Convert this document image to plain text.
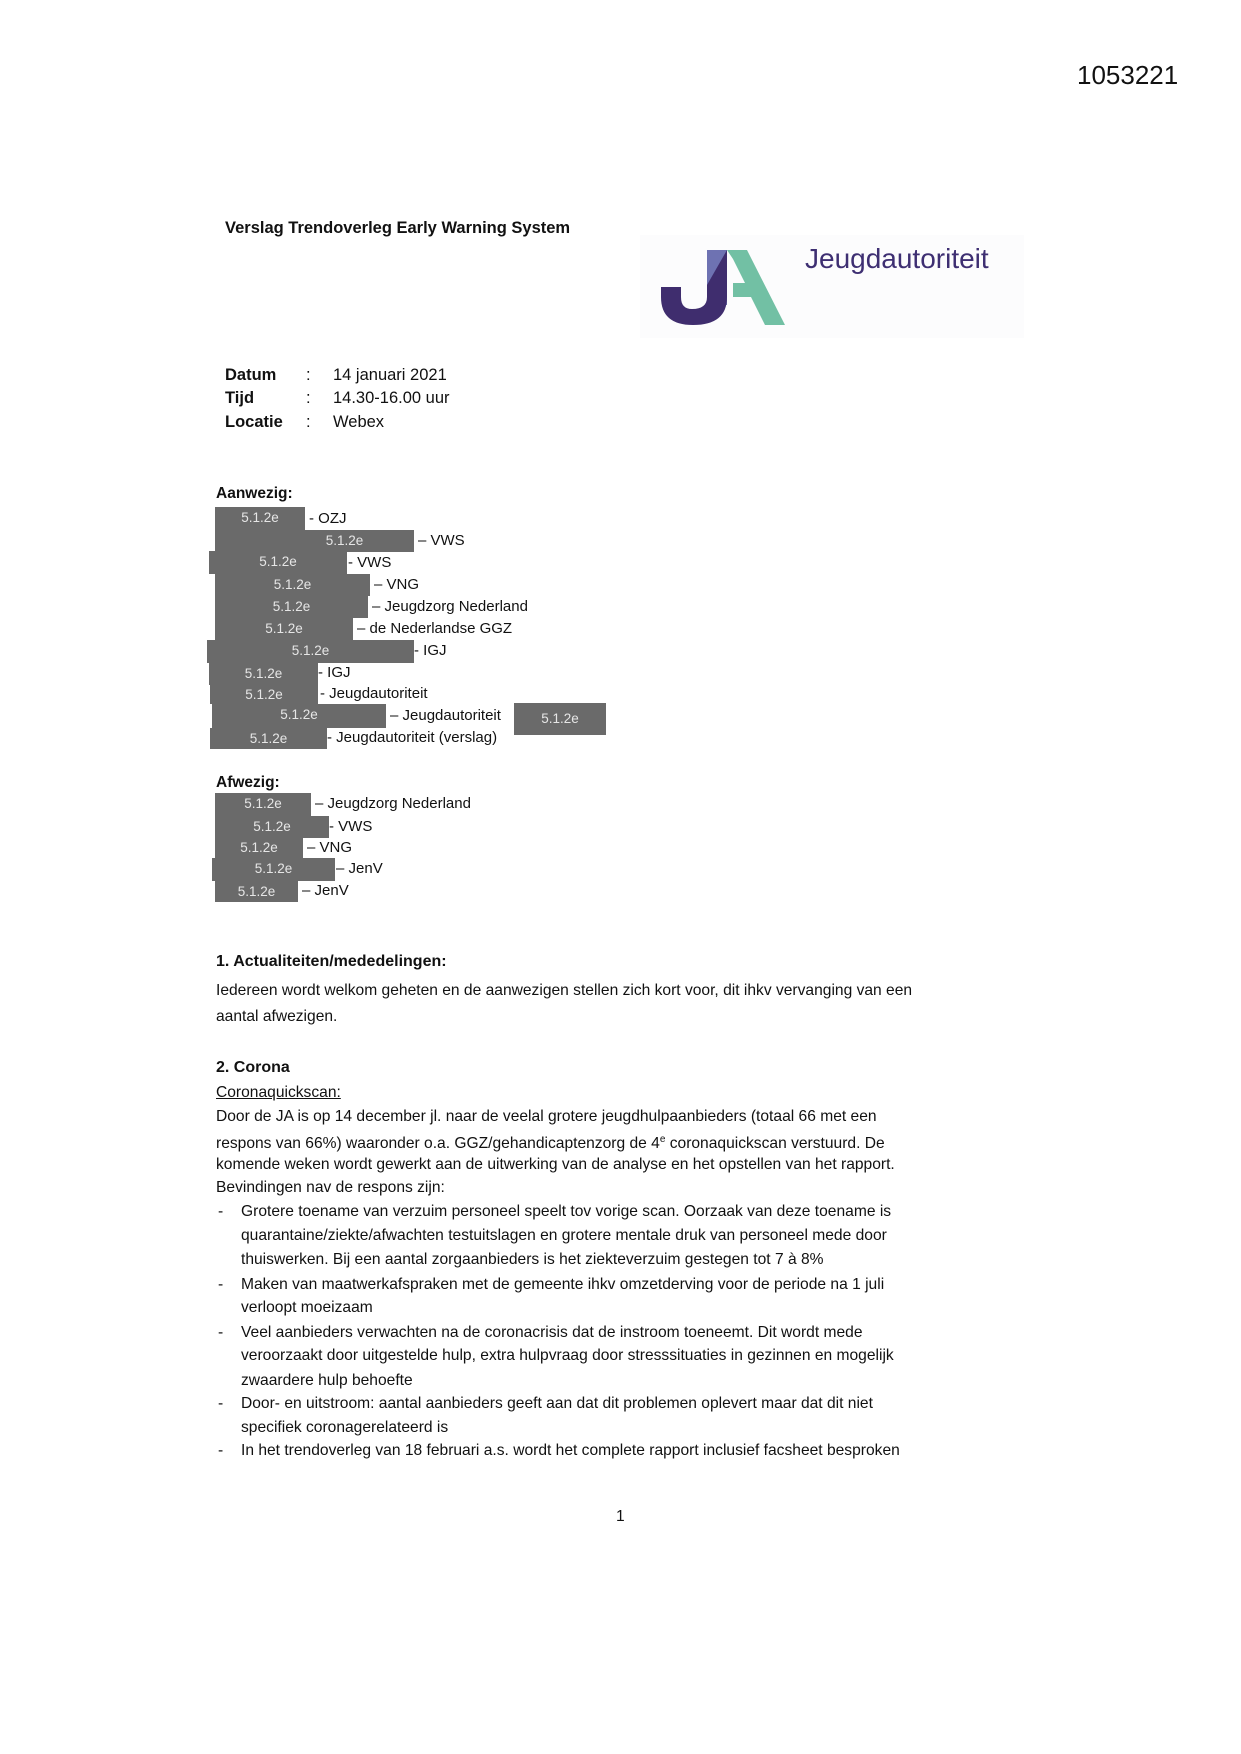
1053221
Verslag Trendoverleg Early Warning System
Jeugdautoriteit
Datum : 14 januari 2021
Tijd	: 14.30-16.00 uur
Locatie : Webex
Aanwezig:
5.1.2e	- OZJ
5.1.2e	– VWS
5.1.2e	- VWS
5.1.2e	– VNG
5.1.2e	– Jeugdzorg Nederland
5.1.2e	– de Nederlandse GGZ
5.1.2e	- IGJ
5.1.2e	- IGJ
5.1.2e	- Jeugdautoriteit
5.1.2e	– Jeugdautoriteit	5.1.2e
5.1.2e	- Jeugdautoriteit (verslag)
Afwezig:
5.1.2e	– Jeugdzorg Nederland
5.1.2e	- VWS
5.1.2e	– VNG
5.1.2e	– JenV
5.1.2e	– JenV
1. Actualiteiten/mededelingen:
Iedereen wordt welkom geheten en de aanwezigen stellen zich kort voor, dit ihkv vervanging van een
aantal afwezigen.
2. Corona
Coronaquickscan:
Door de JA is op 14 december jl. naar de veelal grotere jeugdhulpaanbieders (totaal 66 met een
respons van 66%) waaronder o.a. GGZ/gehandicaptenzorg de 4e coronaquickscan verstuurd. De
komende weken wordt gewerkt aan de uitwerking van de analyse en het opstellen van het rapport.
Bevindingen nav de respons zijn:
- Grotere toename van verzuim personeel speelt tov vorige scan. Oorzaak van deze toename is
quarantaine/ziekte/afwachten testuitslagen en grotere mentale druk van personeel mede door
thuiswerken. Bij een aantal zorgaanbieders is het ziekteverzuim gestegen tot 7 à 8%
- Maken van maatwerkafspraken met de gemeente ihkv omzetderving voor de periode na 1 juli
verloopt moeizaam
- Veel aanbieders verwachten na de coronacrisis dat de instroom toeneemt. Dit wordt mede
veroorzaakt door uitgestelde hulp, extra hulpvraag door stresssituaties in gezinnen en mogelijk
zwaardere hulp behoefte
- Door- en uitstroom: aantal aanbieders geeft aan dat dit problemen oplevert maar dat dit niet
specifiek coronagerelateerd is
- In het trendoverleg van 18 februari a.s. wordt het complete rapport inclusief facsheet besproken
1
